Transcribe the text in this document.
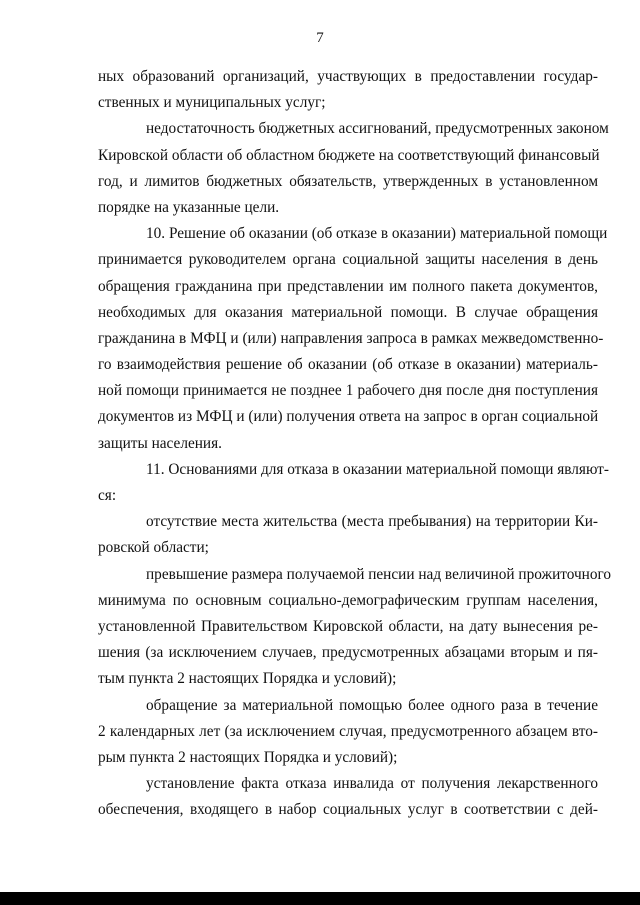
7
ных образований организаций, участвующих в предоставлении государ-
ственных и муниципальных услуг;
недостаточность бюджетных ассигнований, предусмотренных законом
Кировской области об областном бюджете на соответствующий финансовый
год, и лимитов бюджетных обязательств, утвержденных в установленном
порядке на указанные цели.
10. Решение об оказании (об отказе в оказании) материальной помощи
принимается руководителем органа социальной защиты населения в день
обращения гражданина при представлении им полного пакета документов,
необходимых для оказания материальной помощи. В случае обращения
гражданина в МФЦ и (или) направления запроса в рамках межведомственно-
го взаимодействия решение об оказании (об отказе в оказании) материаль-
ной помощи принимается не позднее 1 рабочего дня после дня поступления
документов из МФЦ и (или) получения ответа на запрос в орган социальной
защиты населения.
11. Основаниями для отказа в оказании материальной помощи являют-
ся:
отсутствие места жительства (места пребывания) на территории Ки-
ровской области;
превышение размера получаемой пенсии над величиной прожиточного
минимума по основным социально-демографическим группам населения,
установленной Правительством Кировской области, на дату вынесения ре-
шения (за исключением случаев, предусмотренных абзацами вторым и пя-
тым пункта 2 настоящих Порядка и условий);
обращение за материальной помощью более одного раза в течение
2 календарных лет (за исключением случая, предусмотренного абзацем вто-
рым пункта 2 настоящих Порядка и условий);
установление факта отказа инвалида от получения лекарственного
обеспечения, входящего в набор социальных услуг в соответствии с дей-
